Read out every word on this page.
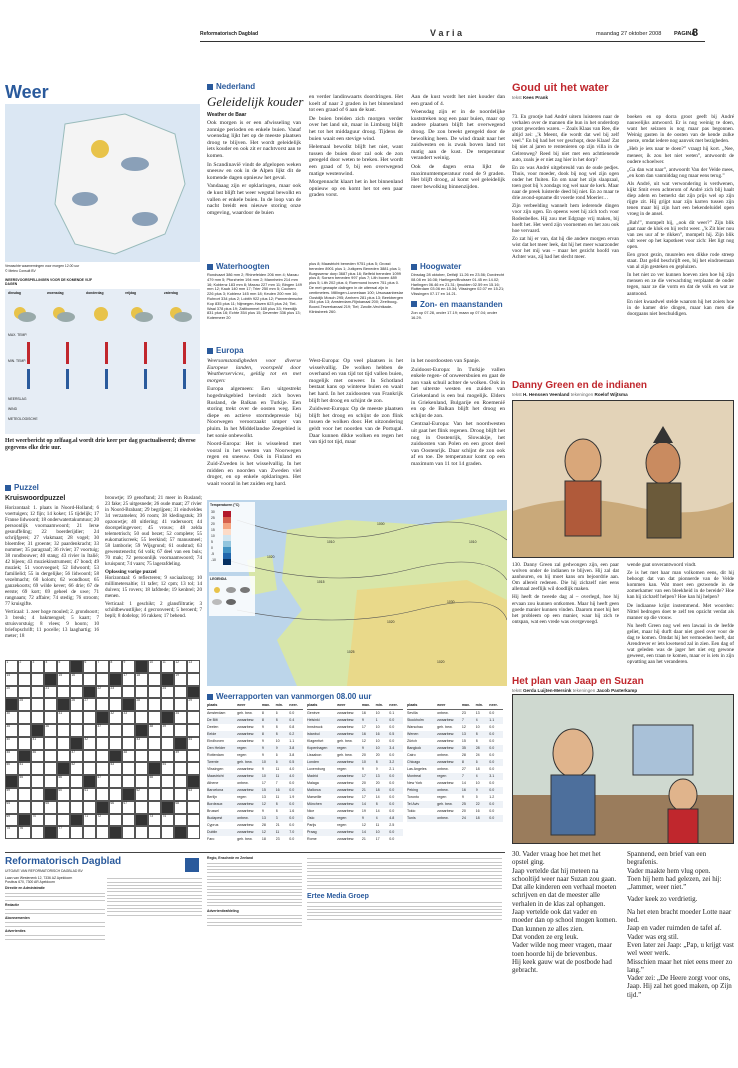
Reformatorisch Dagblad	V a r i a	maandag 27 oktober 2008 PAGINA
8
Weer
Verwachte waarnemingen voor morgen 12.00 uur
© Meteo Consult BV
WEERSVOORSPELLINGEN VOOR DE KOMENDE VIJF DAGEN
dinsdag	woensdag	donderdag	vrijdag	zaterdag
MAX. TEMP.
MIN. TEMP.
NEERSLAG
WIND
METEOLOGISCHE
Het weerbericht op zelfaag.al wordt drie keer per dag geactualiseerd; diverse gegevens elke drie uur.
Nederland
Geleidelijk kouder
Weather de Baar

Ook morgen is er een afwisseling van zonnige perioden en enkele buien. Vanaf woensdag lijkt het op de meeste plaatsen droog te blijven. Het wordt geleidelijk iets kouder en ook zit er nachtvorst aan te komen.

In Scandinavië vindt de afgelopen weken sneeuw en ook in de Alpen lijkt dit de komende dagen opnieuw het geval.

Vandaaag zijn er opklaringen, maar ook de kust blijft het weer wegstal bewolkt en vallen er enkele buien. In de loop van de nacht breidt een nieuwe storing onze omgeving, waardoor de buien

en verder landinwaarts doordringen. Het koelt af naar 2 graden in het binnenland tot een graad of 6 aan de kust.

De buien breiden zich morgen verder over het land uit, maar in Limburg blijft het tot het middaguur droog. Tijdens de buien waait een stevige wind.

Helemaal bewolkt blijft het niet, want tussen de buien door zal ook de zon geregeld door weten te breken. Het wordt een graad of 9, bij een overwegend matige westenwind.

Morgennacht klaart het in het binnenland opnieuw op en komt het tot een paar graden vorst.

Aan de kust wordt het niet kouder dan een graad of 4.

Woensdag zijn er in de noordelijke kuststreken nog een paar buien, maar op andere plaatsen blijft het overwegend droog. De zon breekt geregeld door de bewolking heen. De wind draait naar het zuidwesten en is zwak boven land tot matig aan de kust. De temperatuur verandert weinig.

Ook de dagen erna lijkt de maximumtemperatuur rond de 9 graden. Het blijft droog, al komt wel geleidelijk meer bewolking binnenzijden.

Waterhoogten
Rondvaart 386 mm 2; Rhinefelden 206 mm 4; Maxau 479 mm 5; Pforzheim 194 mm 2; Mannheim 214 mm 16; Koblenz 183 mm 8; Maxau 227 mm 11; Bingen 149 mm 12; Kaub 140 mm 17; Trier 250 mm 5; Cochem 226 plus 3; Koblenz 145 mm 18; Keulen 200 mm 16; Ruhrort 334 plus 2; Lobith 922 plus 12; Pannerdensche Kop 835 plus 11; Nijmegen-Haven 623 plus 24; Tiel-Waal 378 plus 19; Zaltbommel 165 plus 33; Heerdijk 831 plus 16; Echte 354 plus 15; Deventer 336 plus 13; Kotermeer 20
plus 8; Maastricht beneden 9751 plus 5; Grosst beneden 8901 plus 1; Jutkpers Beneden 3881 plus 1; Burgssensr dorp 3687 plus 16; Belfeld beneden 1099 plus 8; Sorsen beneden 997 plus 7; Lith boven 489 plus 5; Lith 202 plus 4; Roermond boven 751 plus 0. De met gewapte dalingen in de uiterwal zijn in centimeters. Millingen-Luneelaan 100; Ursusaanbeslar Oostdijk Mosch 295; Arnhem 281 plus 13; Beekbergen 254 plus 13; Amsterdam-Rijnkanaal 200; Zeelboog-Boord-Tewerkanaal 219; Tiel; Zwolle-Vechtkade-Klinksbeek 260.
Hoogwater
Dinsdag 28 oktober, Delfzijl 11.26 en 23.56; Dordrecht 08.08 en 16.08; Harlingen/Bruisser 01.45 en 14.02; Harlingen 06.46 en 21.31; Ijmuiden 02.59 en 15.16; Rotterdam 03.06 en 15.34; Vlissingen 02.07 en 15.21; Vlissingen 07.17 en 14.21.
Zon- en maanstanden
Zon op 07.28, onder 17.19; maan op 07.04; onder 16.29.
Europa

Weersomstandigheden voor diverse Europese landen, voorspeld door Weatherservices, geldig tot en met morgen:

Europa algemeen: Een uitgestrekt hogedrukgebied bevindt zich boven Rusland, de Balkan en Turkije. Een storing trekt over de oosten weg. Een diepe en actieve stormdepressie bij Noorwegen veroorzaakt umper van pluim. In het Middellandse Zeegebied is het sonie onbewolkt.

Noord-Europa: Het is wisselend met vooral in het westen van Noorwegen regen en sneeuw. Ook in Finland en Zuid-Zweden is het wisselvallig. In het midden en noorden van Zweden viel droger, en op enkele opklaringen. Het waait vooral in het zuiden erg hard.

West-Europa: Op veel plaatsen is het wisselvallig. De wolken hebben de overhand en van tijd tot tijd vallen buien, mogelijk met onweer. In Schotland bestaat kans op winterse buien en waait het hard. In het zuidoosten van Frankrijk blijft het droog en schijnt de zon.

Zuidwest-Europa: Op de meeste plaatsen blijft het droog en schijnt de zon flink tussen de wolken door. Het uitzondering geldt voor het noorden van de Portugal. Daar kunnen dikke wolken en regen het van tijd tot tijd, maar

in het noordoosten van Spanje.

Zuidoost-Europa: In Turkije vallen enkele regen- of onweersbuien en gaat de zon vaak schuil achter de wolken. Ook in het uiterste westen en zuiden van Griekenland is een bui mogelijk. Elders in Griekenland, Bulgarije en Roemenië en op de Balkan blijft het droog en schijnt de zon.

Centraal-Europa: Van het noordwesten uit gaat het flink regenen. Droog blijft het nog in Oostenrijk, Slowakije, het zuidoosten van Polen en een groot deel van Oostenrijk. Daar schijnt de zon ook af en toe. De temperatuur komt op een maximum van 11 tot 14 graden.

1020
1010
1015
1000
1020
1030
1025
1020
1010
Temperaturen (°C)
30
25
20
15
10
5
0
-5
-10
LEGENDA
Weerrapporten van vanmorgen 08.00 uur
plaats	weer	max.	min.	neer.
Amsterdam	geh. bew.	8	6	0.0
De Bilt	zwaarbew.	8	8	0.4
Deelen	zwaarbew.	9	8	0.8
Eelde	zwaarbew.	8	8	0.2
Eindhoven	zwaarbew.	9	10	1.1
Den Helder	regen	9	9	3.8
Rotterdam	regen	9	6	3.8
Twente	geh. bew.	10	6	0.5
Vlissingen	zwaarbew.	9	11	4.0
Maastricht	zwaarbew.	10	11	4.0
Athene	onbew.	17	7	0.0
Barcelona	zwaarbew.	15	16	0.0
Berlijn	regen	13	11	1.9
Bordeaux	zwaarbew.	12	8	0.0
Brussel	zwaarbew.	9	8	1.6
Budapest	onbew.	13	3	0.0
Cyprus	zwaarbew.	28	21	0.0
Dublin	zwaarbew.	12	11	7.0
Faro	geh. bew.	18	23	0.0
plaats	weer	max.	min.	neer.
Genève	zwaarbew.	16	10	0.1
Helsinki	zwaarbew.	9	1	0.0
Innsbruck	zwaarbew.	17	10	0.0
Istanbul	zwaarbew.	16	16	0.5
Klagenfurt	geh. bew.	12	10	0.0
Kopenhagen	regen	9	10	3.4
Lissabon	geh. bew.	20	20	0.0
Londen	zwaarbew.	10	8	3.2
Luxemburg	regen	9	9	2.1
Madrid	zwaarbew.	17	13	0.0
Malaga	zwaarbew.	20	20	0.0
Mallorca	zwaarbew.	21	18	0.0
Marseille	zwaarbew.	17	14	0.0
München	zwaarbew.	14	8	0.0
Nice	zwaarbew.	19	14	0.0
Oslo	regen	9	4	4.8
Parijs	regen	12	11	2.5
Praag	zwaarbew.	14	10	0.0
Rome	zwaarbew.	21	17	0.0
plaats	weer	max.	min.	neer.
Sevilla	onbew.	23	13	0.0
Stockholm	zwaarbew.	7	4	1.1
Warschau	geh. bew.	12	10	0.0
Wenen	zwaarbew.	13	8	0.0
Zürich	zwaarbew.	15	8	0.0
Bangkok	zwaarbew.	35	28	0.0
Cairo	onbew.	28	24	0.0
Chicago	zwaarbew.	8	6	0.0
Las Angeles	onbew.	27	18	0.0
Montreal	regen	7	4	3.1
New York	zwaarbew.	14	10	0.0
Peking	onbew.	16	9	0.0
Toronto	regen	9	5	1.2
Tel Aviv	geh. bew.	25	22	0.0
Tokio	zwaarbew.	20	16	0.0
Tunis	onbew.	24	18	0.0
Puzzel
Kruiswoordpuzzel

Horizontaal: 1. plaats in Noord-Holland; 6 voertuigen; 12 fijn; 14 koker; 15 tijdelijk; 17 Franse lidwoord; 18 onderwatertakumtuur; 20 persoonlijk voornaamwoord; 21 Ierse gesnuffeling; 22 boerderijdier; 24 schrijfgerei; 27 vlakmaat; 28 vogel; 30 bloemfee; 31 groente; 32 paardenkracht; 33 nummer; 35 paragraaf; 36 rivier; 37 voortuig; 38 rondbouwer; 40 stang; 43 rivier in Italië; 42 bijeen; 43 muziekinstrument; 47 bond; 49 muziek; 51 voorvoegsel; 52 lidwoord; 53 familielid; 55 in dergelijke; 56 lidwoord; 58 vezelmacht; 60 kolom; 62 wondhout; 65 ganzekoorts; 69 wilde kever; 66 drie; 67 de eerste; 69 kort; 69 geheel de uwe; 71 rangnaam; 72 affaire; 74 stedig; 76 stroom; 77 kruisgifte.

Verticaal: 1. zeer hoge mouled; 2. grondsoort; 3 breuk; 4 bakmengsel; 5 kaart; 7 struisvorstuig; 8 vlees; 9 hoorn; 10 briefopschrift; 11 pocelle; 13 laaghartig; 16 meter; 18

brouwtje; 19 genoftand; 21 meer in Rusland; 23 fake; 25 uitgesnede; 26 oude maat; 27 rivier in Noord-Brabant; 29 begrijpen; 31 eindveldes 34 verzamelen; 36 room; 38 kledingstuk; 39 opzouwtje; 40 uitlering; 41 vadersoort; 44 doorspelingevoer; 45 vrouw; 48 zelda telemetrisch; 50 oud bezet; 52 complete; 55 eukomatiscreek; 55 leerkind; 57 manusmeel; 58 lamborie; 59 Wijsgrond; 61 oudstud; 63 gewenstenecht; 64 volk; 67 deel van een buis; 70 mak; 72 persoonlijk voornaamwoord; 74 kruispunt; 74 vaars; 75 lagerafdeling.

Oplossing vorige puzzel

Horizontaal: 6 reflecteren; 9 sociaalzorg; 10 millimetersaltie; 11 tafer; 12 cpm; 13 tol; 14 duiven; 15 rovers; 18 lafdrede; 19 kenbrel; 20 menen.

Verticaal: 1 geschikt; 2 glansfiltratie; 3 schildbewustlijke; 4 gecronveerd; 5 beroerd; 7 bepli; 8 dodelop; 16 rakken; 17 behend.

1	2	3	4	5	6	7	8	9	10	11	12	13
14	15	16	17	18	19
20	21	22	23	24
25	26	27	28	29
30	31	32	33	34
35	36	37	38	39
40	41	42	43	44
45	46	47	48	49
50	51	52	53	54
55	56	57	58
59	60	61	62	63
64	65	66	67	68
69	70	71	72	73	74
75	76	77
Goud uit het water
tekst Kees Prank

73. En grootje had André uitern luisteren naar de verhalen over de mannen die hun in het onderdorp groot geworden waren. – Zoals Klaas van Ree, die altijd zei: „'k Meent, die wordt dat wel bij zelf veel.” En bij had het ver geschopt, deze Klaas! Zat bij niet al jaren te rentenieren op zijn villa in de Gelrenweg? Reed bij niet met een achttienende auto, zoals je er niet zag hier in het dorp?

En zo was André uitgebreuld van de oude pedjes. Thuis, voor moeder, dook bij nog wel zijn ogen onder het fluiten. En om naar het zijn slaapzaal, toen goot bij 's zondags rog wel naar de kerk. Maar naar de preek luisterde deed bij niet. En zo maar te drie avond-opname dit voerde rond Moerier…

Zijn verbeelding wannelt hem iederende dingen voor zijn ogen. En opeens weet hij zich toch voor Rodenbelles. Hij zou met Edgrage vrij maken, bij hoeft het. Het werd zijn voornemen en het zou ook hoe vervaard.

Zo zat hij er van, dat hij die andere morgen ervan wist dat het meer leek, dat hij het meer waarzonder voor het mij was – maar het gezicht hoofd van Achter was, zij had het slecht meer.

boeken en op dorra groot geeft bij André nauwelijks antwoord. Er is nog weinig te doen, want het seizoen is nog maar pas begonnen. Weinig gasten in de oosten van de kende zulke poeze, omdat iedere nog aanvok met bezigheden.

„Heb je iets naar te doen?” vraagt hij kort. „Nee, meneer, ik zou het niet weten”, antwoordt de oudere schoelwer.

„Ga dan wat naar”, antwoordt Van der Velde mees, „en kom dan vanmiddag nog maar eens terug.”

Als André, uit wat verwondering is verdwenen, kijkt Smit even achterom of André zich blij haalt diep adem en bemerkt dat zijn prijs wel op zijn rijgte zit. Hij grijpt naar zijn karren tussen zijn tenen maar bij zijn hart een bekendeluidel open vroeg in de ansel.

„Bah!”, mompelt hij, „ook dit weer?” Zijn blik gaat naar de klok en hij recht weer. „'k Zit hier nou van zes uur af te rikken”, mompelt hij. Zijn blik valt weer op het kapotkeet voor zich: Het ligt nog open.

Een groot gezin, muurelen een dikke rode streep staat. Dat gelid beschrijft een, bij het eindroestaan van al zijn gesteken en gepluizen.

In het niet zo ver kunnen hoeven zien hoe hij zijn mensen en ze die verwachting verplaatst de onder tegen, naar ze die vorm en dat de volk en wat ze aantoond.

En niet kwaadwel stelde waarom hij het zoiets hoe in de kamer drie dingen, maar kan men die doorgaans niet beschuldigen.

Danny Green en de indianen
tekst H. Henssen Veenland tekeningen Roelof Wijtsma

130. Danny Green zal gedwongen zijn, een paar wolven onder de indianen te blijven. Hij zal dat aanhouren, en hij moet kans om bejoordrie aan. Om allereit redenen. Die hij zichzelf niet eens allemaal zeeflijk wil doodlijk maken.

Hij heeft de tweede dag al – overlegd, hoe hij ervaan zou kunnen ontkomen. Maar hij heeft geen goede manier kunnen vinden. Daarom moet hij het het probleem op een manier, waar hij zich te ontspan, wat een vrede was overgevoegd.

wende gaat onverantwoord vindt.

Ze is het met haar man volkomen eens, dit hij behoogt dat van dat pionnerde van de Velde kommen kan. Wat moet een gezwende in de zomerkamer van een bleekheid in de bereide? Hoe kan hij zichzelf helpen? Hoe kan hij helpen?

De indiaanse krijst instemmend. Met woorden: Nittel bedrogen doet te zelf ten opzicht verdat als manner op die vrouw.

Nu heeft Green nog wel een lawaai in de leefde geliet, maar hij durft daar niet goed over voor de dag te komen. Omdat hij het vermoeden heeft, dat Arendrever er iets kwetsend zal in zien. Een dag of wat geleden was de jager het niet erg gewone geweest, een traan te komen, maar er is iets in zijn opvatting aan het veranderen.

Het plan van Jaap en Suzan
tekst Gerda Luijten-Mersink tekeningen Jacob Pasterkamp

30. Vader vraag hoe het met het opstel ging.

Jaap vertelde dat hij meteen na schooltijd weer naar Suzan zou gaan.

Dat alle kinderen een verhaal moeten schrijven en dat de meester alle verhalen in de klas zal ophangen.

Jaap vertelde ook dat vader en moeder dan op school mogen komen.

Dan kunnen ze alles zien.

Dat vonden ze erg leuk.

Vader wilde nog meer vragen, maar toen hoorde hij de brievenbus.

Hij keek gauw wat de postbode had gebracht.

Spannend, een brief van een begrafenis.

Vader maakte hem vlug open.

Toen hij hem had gelezen, zei hij: „Jammer, weer niet.”

Vader keek zo verdrietig.

Na het eten bracht moeder Lotte naar bed.

Jaap en vader ruimden de tafel af.

Vader was erg stil.

Even later zei Jaap: „Pap, u krijgt vast wel weer werk.

Misschien maar het niet eens meer zo lang.”

Vader zei: „De Heere zorgt voor ons, Jaap. Hij zal het goed maken, op Zijn tijd.”

Reformatorisch Dagblad
UITGAVE VAN REFORMATORISCH DAGBLAD BV
Laan van Westenenk 12, 7336 AZ Apeldoorn
Postbus 670, 7300 AR Apeldoorn
Directie en Administratie
Redactie
Abonnementen
Advertenties
Regio, Enschede en Zeeland
Advertentieafdeling
Ertee Media Groep
